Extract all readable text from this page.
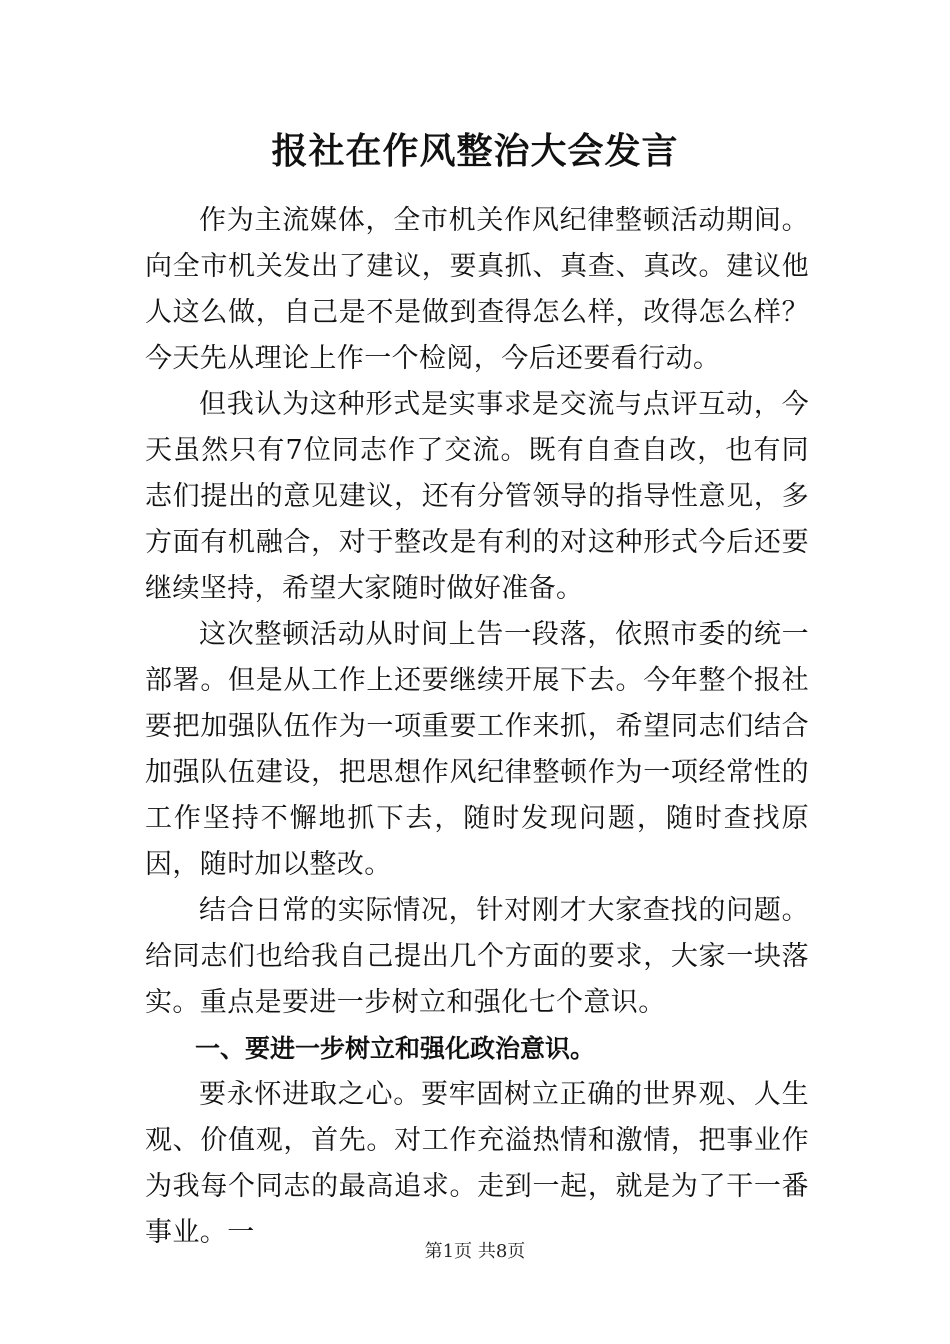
报社在作风整治大会发言

作为主流媒体，全市机关作风纪律整顿活动期间。向全市机关发出了建议，要真抓、真查、真改。建议他人这么做，自己是不是做到查得怎么样，改得怎么样？今天先从理论上作一个检阅，今后还要看行动。

但我认为这种形式是实事求是交流与点评互动，今天虽然只有7位同志作了交流。既有自查自改，也有同志们提出的意见建议，还有分管领导的指导性意见，多方面有机融合，对于整改是有利的对这种形式今后还要继续坚持，希望大家随时做好准备。

这次整顿活动从时间上告一段落，依照市委的统一部署。但是从工作上还要继续开展下去。今年整个报社要把加强队伍作为一项重要工作来抓，希望同志们结合加强队伍建设，把思想作风纪律整顿作为一项经常性的工作坚持不懈地抓下去，随时发现问题，随时查找原因，随时加以整改。

结合日常的实际情况，针对刚才大家查找的问题。给同志们也给我自己提出几个方面的要求，大家一块落实。重点是要进一步树立和强化七个意识。

一、要进一步树立和强化政治意识。

要永怀进取之心。要牢固树立正确的世界观、人生观、价值观，首先。对工作充溢热情和激情，把事业作为我每个同志的最高追求。走到一起，就是为了干一番事业。一

第1页 共8页
